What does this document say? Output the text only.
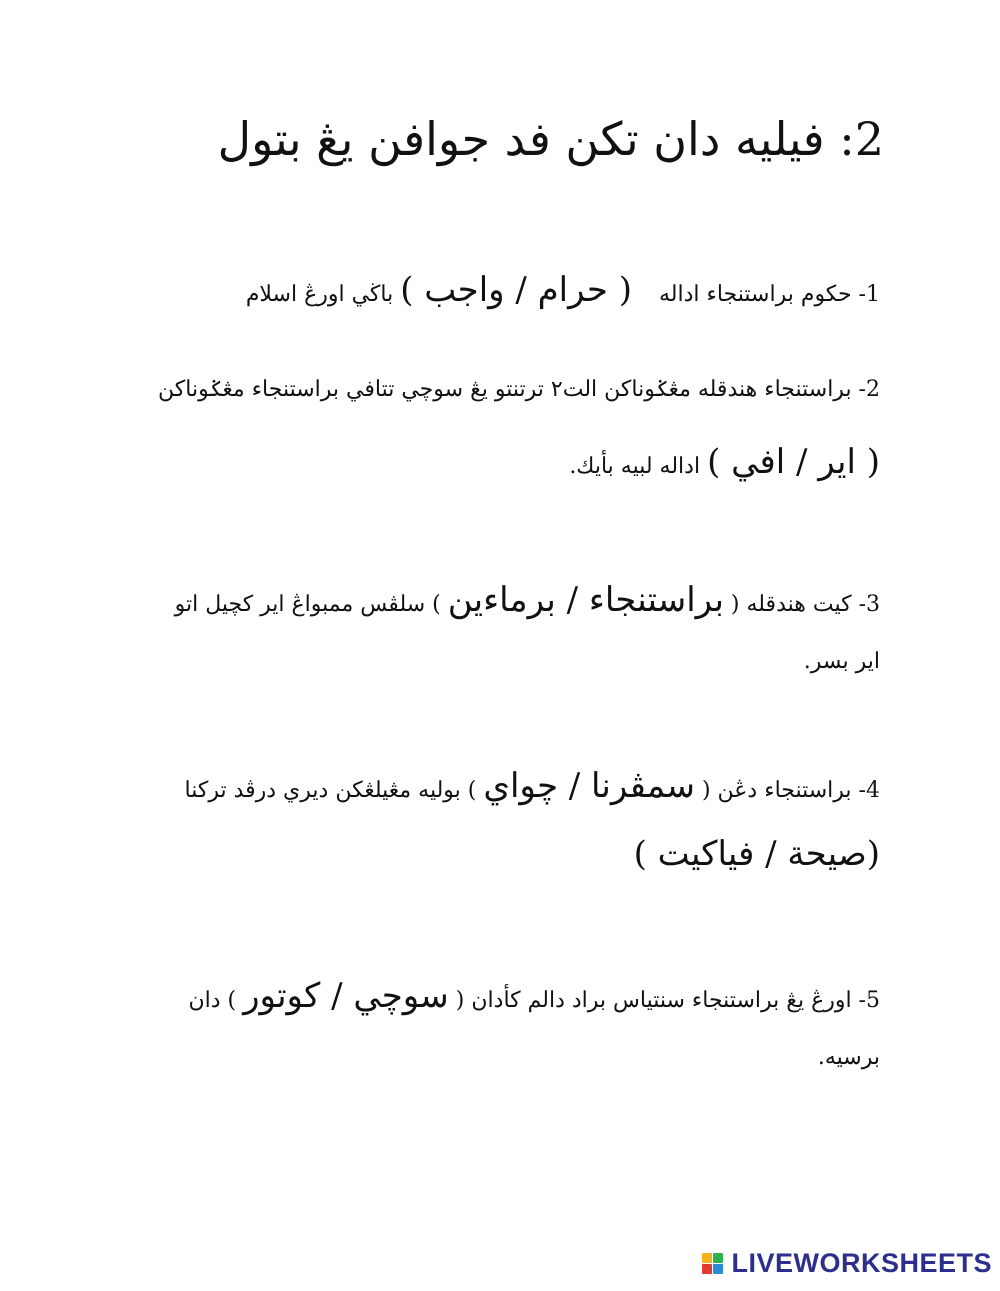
2: فيليه دان تكن فد جوافن يڠ بتول
1- حکوم براستنجاء اداله ( حرام / واجب ) باڬي اورڠ اسلام
2- براستنجاء هندقله مڠݢوناکن الت٢ ترتنتو يڠ سوچي تتافي براستنجاء مڠݢوناکن
( اير / افي ) اداله لبيه بأيك.
3- کيت هندقله ( براستنجاء / برماءين ) سلڤس ممبواڠ اير کچيل اتو
اير بسر.
4- براستنجاء دڠن ( سمڤرنا / چواي ) بوليه مڠيلڠکن ديري درڤد ترکنا
(صيحة / فياکيت )
5- اورڠ يڠ براستنجاء سنتياس براد دالم کأدان ( سوچي / کوتور ) دان
برسيه.
LIVEWORKSHEETS
